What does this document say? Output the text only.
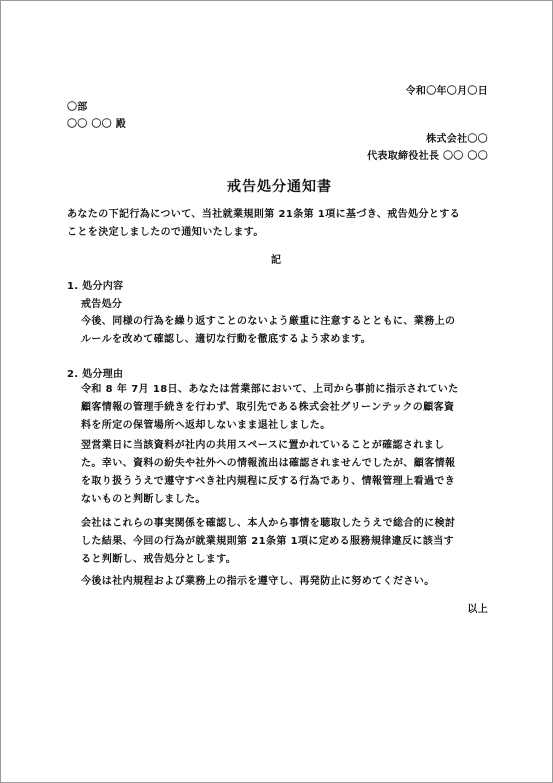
令和〇年〇月〇日
〇部
〇〇 〇〇 殿
株式会社〇〇
代表取締役社長 〇〇 〇〇
戒告処分通知書
あなたの下記行為について、当社就業規則第 21条第 1項に基づき、戒告処分とする
ことを決定しましたので通知いたします。
記
1. 処分内容
戒告処分
今後、同様の行為を繰り返すことのないよう厳重に注意するとともに、業務上の
ルールを改めて確認し、適切な行動を徹底するよう求めます。
2. 処分理由
令和 8 年 7月 18日、あなたは営業部において、上司から事前に指示されていた
顧客情報の管理手続きを行わず、取引先である株式会社グリーンテックの顧客資
料を所定の保管場所へ返却しないまま退社しました。
翌営業日に当該資料が社内の共用スペースに置かれていることが確認されまし
た。幸い、資料の紛失や社外への情報流出は確認されませんでしたが、顧客情報
を取り扱ううえで遵守すべき社内規程に反する行為であり、情報管理上看過でき
ないものと判断しました。
会社はこれらの事実関係を確認し、本人から事情を聴取したうえで総合的に検討
した結果、今回の行為が就業規則第 21条第 1項に定める服務規律違反に該当す
ると判断し、戒告処分とします。
今後は社内規程および業務上の指示を遵守し、再発防止に努めてください。
以上
